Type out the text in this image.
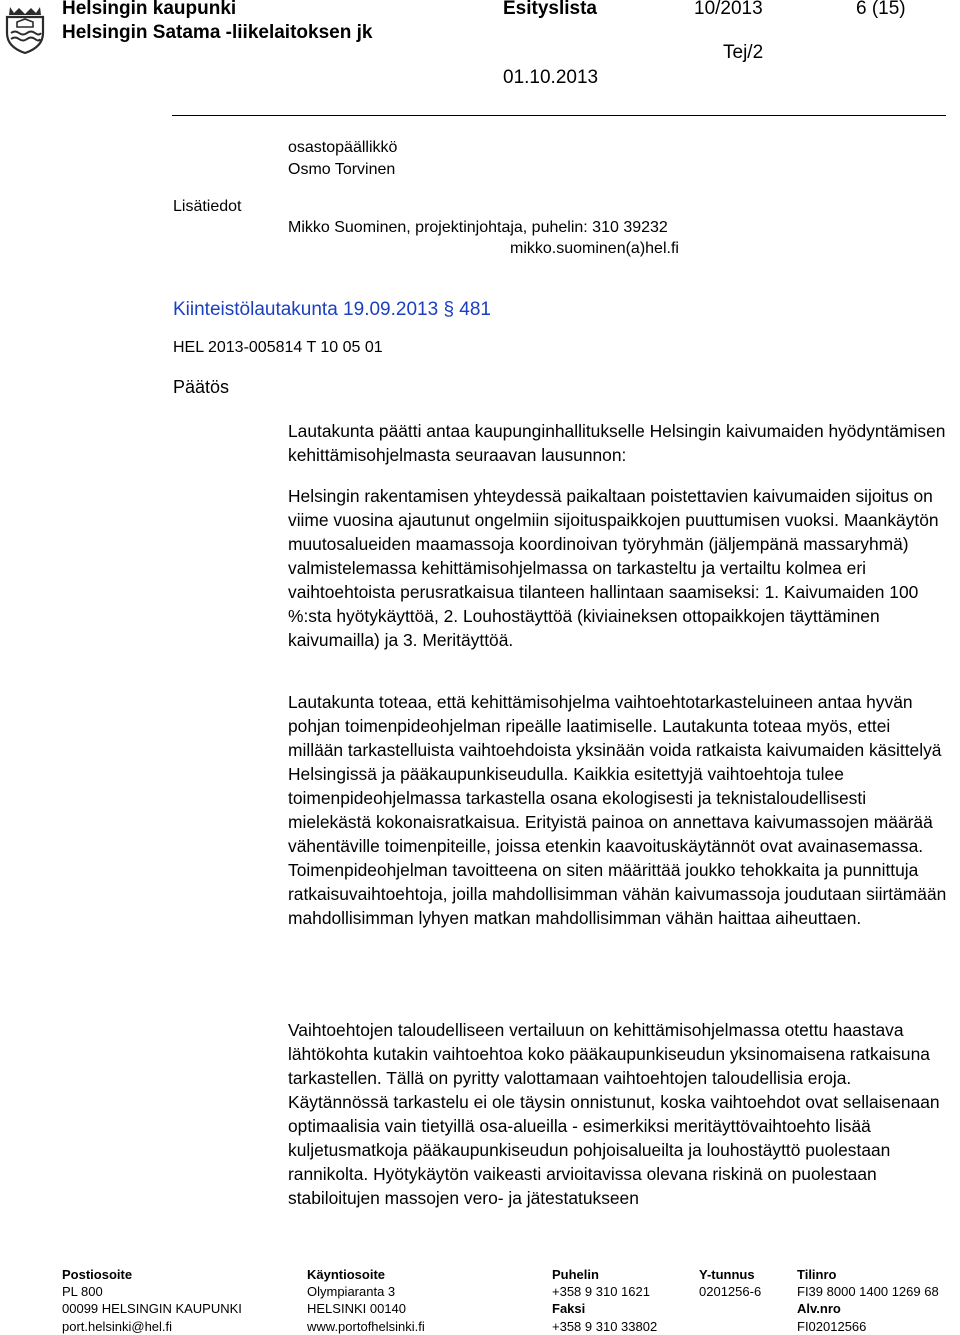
Helsingin kaupunki
Helsingin Satama -liikelaitoksen jk
Esityslista	10/2013	6 (15)
Tej/2
01.10.2013
osastopäällikkö
Osmo Torvinen
Lisätiedot
Mikko Suominen, projektinjohtaja, puhelin: 310 39232
mikko.suominen(a)hel.fi
Kiinteistölautakunta 19.09.2013 § 481
HEL 2013-005814 T 10 05 01
Päätös

Lautakunta päätti antaa kaupunginhallitukselle Helsingin kaivumaiden hyödyntämisen kehittämisohjelmasta seuraavan lausunnon:

Helsingin rakentamisen yhteydessä paikaltaan poistettavien kaivumaiden sijoitus on viime vuosina ajautunut ongelmiin sijoituspaikkojen puuttumisen vuoksi. Maankäytön muutosalueiden maamassoja koordinoivan työryhmän (jäljempänä massaryhmä) valmistelemassa kehittämisohjelmassa on tarkasteltu ja vertailtu kolmea eri vaihtoehtoista perusratkaisua tilanteen hallintaan saamiseksi: 1. Kaivumaiden 100 %:sta hyötykäyttöä, 2. Louhostäyttöä (kiviaineksen ottopaikkojen täyttäminen kaivumailla) ja 3. Meritäyttöä.

Lautakunta toteaa, että kehittämisohjelma vaihtoehtotarkasteluineen antaa hyvän pohjan toimenpideohjelman ripeälle laatimiselle. Lautakunta toteaa myös, ettei millään tarkastelluista vaihtoehdoista yksinään voida ratkaista kaivumaiden käsittelyä Helsingissä ja pääkaupunkiseudulla. Kaikkia esitettyjä vaihtoehtoja tulee toimenpideohjelmassa tarkastella osana ekologisesti ja teknistaloudellisesti mielekästä kokonaisratkaisua. Erityistä painoa on annettava kaivumassojen määrää vähentäville toimenpiteille, joissa etenkin kaavoituskäytännöt ovat avainasemassa. Toimenpideohjelman tavoitteena on siten määrittää joukko tehokkaita ja punnittuja ratkaisuvaihtoehtoja, joilla mahdollisimman vähän kaivumassoja joudutaan siirtämään mahdollisimman lyhyen matkan mahdollisimman vähän haittaa aiheuttaen.

Vaihtoehtojen taloudelliseen vertailuun on kehittämisohjelmassa otettu haastava lähtökohta kutakin vaihtoehtoa koko pääkaupunkiseudun yksinomaisena ratkaisuna tarkastellen. Tällä on pyritty valottamaan vaihtoehtojen taloudellisia eroja. Käytännössä tarkastelu ei ole täysin onnistunut, koska vaihtoehdot ovat sellaisenaan optimaalisia vain tietyillä osa-alueilla - esimerkiksi meritäyttövaihtoehto lisää kuljetusmatkoja pääkaupunkiseudun pohjoisalueilta ja louhostäyttö puolestaan rannikolta. Hyötykäytön vaikeasti arvioitavissa olevana riskinä on puolestaan stabiloitujen massojen vero- ja jätestatukseen

Postiosoite
PL 800
00099 HELSINGIN KAUPUNKI
port.helsinki@hel.fi
Käyntiosoite
Olympiaranta 3
HELSINKI 00140
www.portofhelsinki.fi
Puhelin
+358 9 310 1621
Faksi
+358 9 310 33802
Y-tunnus
0201256-6
Tilinro
FI39 8000 1400 1269 68
Alv.nro
FI02012566
